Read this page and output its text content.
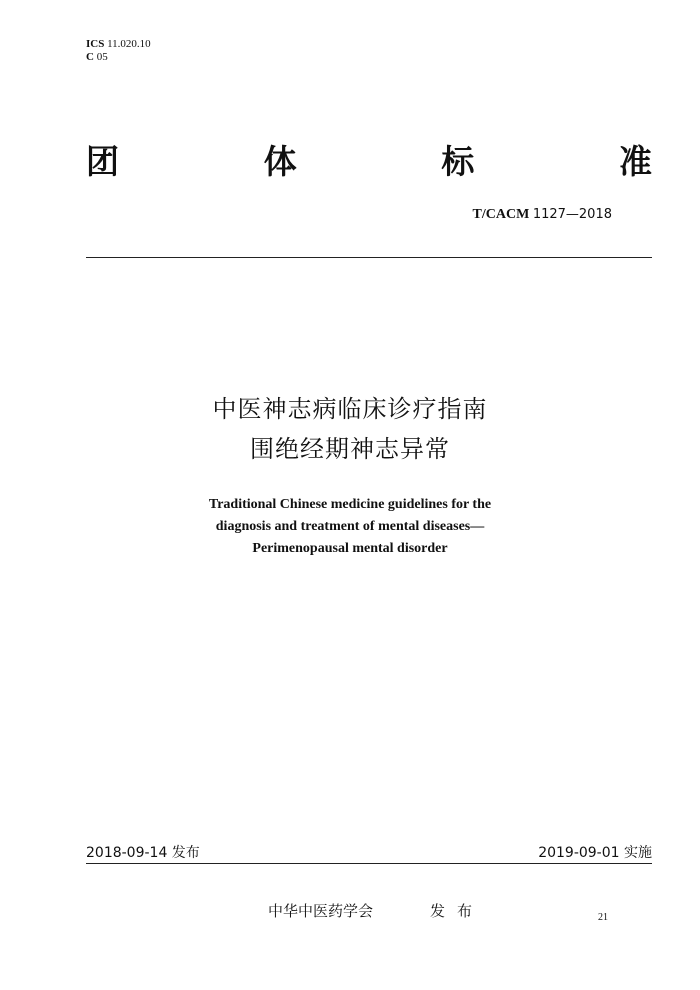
ICS 11.020.10
C 05
团	体	标	准
T/CACM 1127—2018
中医神志病临床诊疗指南
围绝经期神志异常
Traditional Chinese medicine guidelines for the
diagnosis and treatment of mental diseases—
Perimenopausal mental disorder
2018-09-14 发布	2019-09-01 实施
中华中医药学会	发布	21
